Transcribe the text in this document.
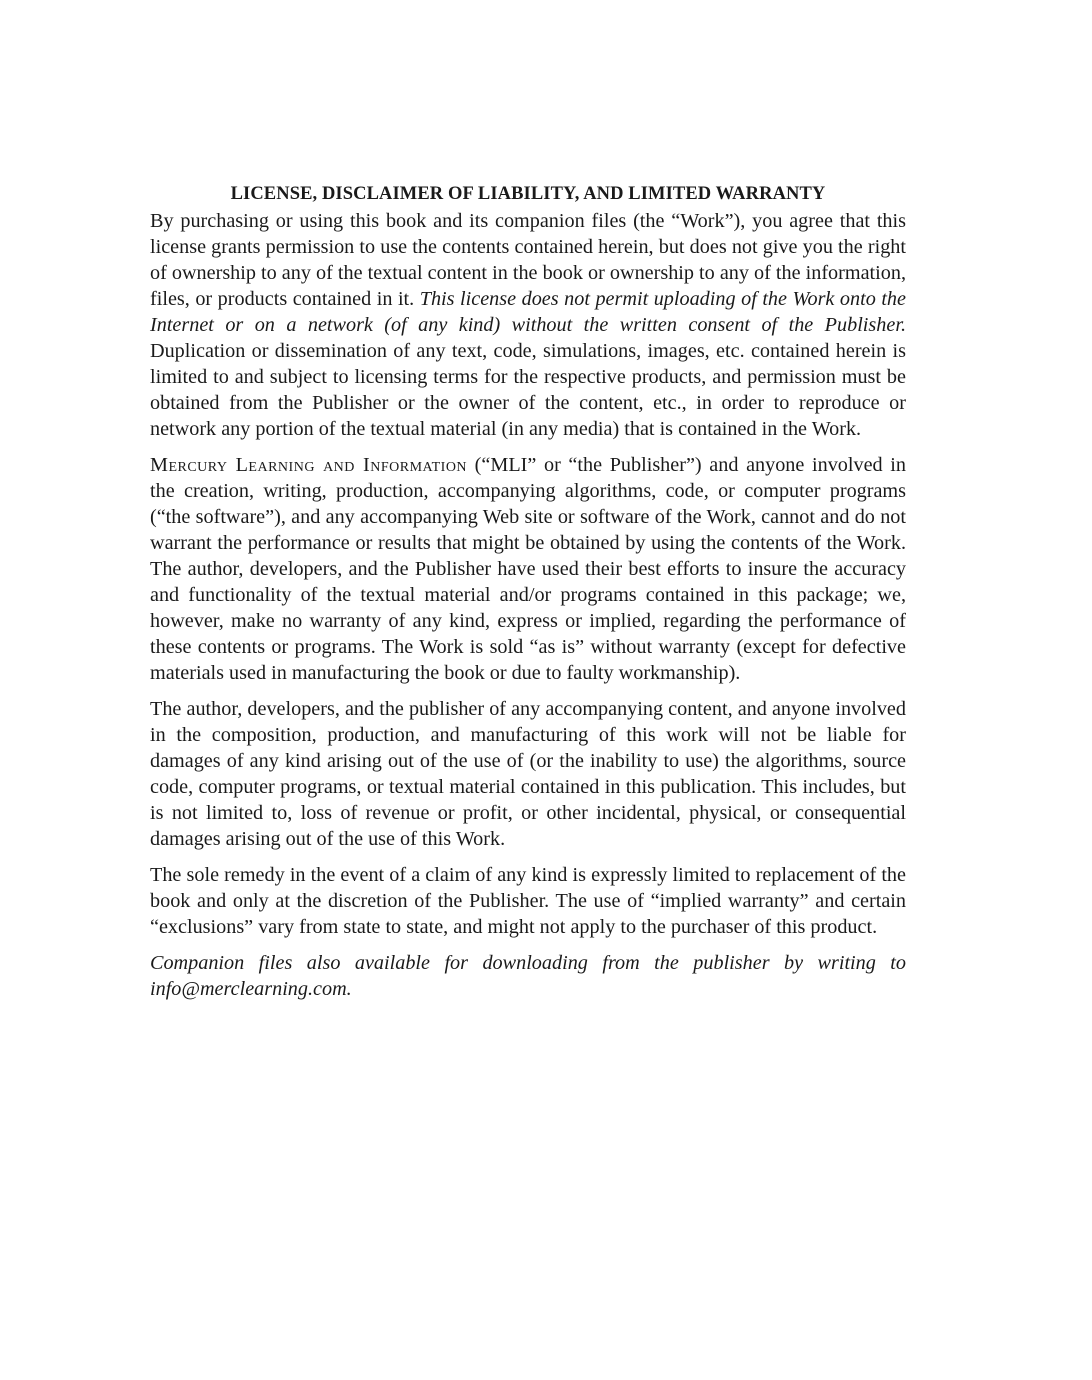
LICENSE, DISCLAIMER OF LIABILITY, AND LIMITED WARRANTY

By purchasing or using this book and its companion files (the “Work”), you agree that this license grants permission to use the contents contained herein, but does not give you the right of ownership to any of the textual content in the book or ownership to any of the information, files, or products contained in it. This license does not permit uploading of the Work onto the Internet or on a network (of any kind) without the written consent of the Publisher. Duplication or dissemination of any text, code, simulations, images, etc. contained herein is limited to and subject to licensing terms for the respective products, and permission must be obtained from the Publisher or the owner of the content, etc., in order to reproduce or network any portion of the textual material (in any media) that is contained in the Work.

Mercury Learning and Information (“MLI” or “the Publisher”) and anyone involved in the creation, writing, production, accompanying algorithms, code, or computer programs (“the software”), and any accompanying Web site or software of the Work, cannot and do not warrant the performance or results that might be obtained by using the contents of the Work. The author, developers, and the Publisher have used their best efforts to insure the accuracy and functionality of the textual material and/or programs contained in this package; we, however, make no warranty of any kind, express or implied, regarding the performance of these contents or programs. The Work is sold “as is” without warranty (except for defective materials used in manufacturing the book or due to faulty workmanship).

The author, developers, and the publisher of any accompanying content, and anyone involved in the composition, production, and manufacturing of this work will not be liable for damages of any kind arising out of the use of (or the inability to use) the algorithms, source code, computer programs, or textual material contained in this publication. This includes, but is not limited to, loss of revenue or profit, or other incidental, physical, or consequential damages arising out of the use of this Work.

The sole remedy in the event of a claim of any kind is expressly limited to replacement of the book and only at the discretion of the Publisher. The use of “implied warranty” and certain “exclusions” vary from state to state, and might not apply to the purchaser of this product.

Companion files also available for downloading from the publisher by writing to info@merclearning.com.
